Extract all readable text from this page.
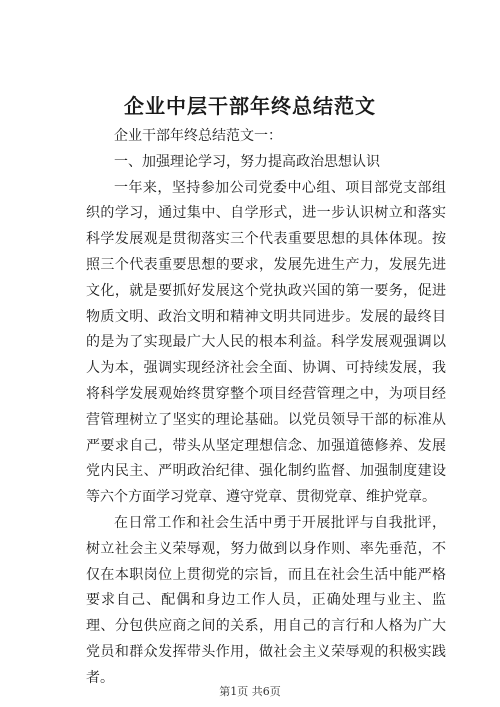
企业中层干部年终总结范文

企业干部年终总结范文一：

一、加强理论学习，努力提高政治思想认识

一年来，坚持参加公司党委中心组、项目部党支部组织的学习，通过集中、自学形式，进一步认识树立和落实科学发展观是贯彻落实三个代表重要思想的具体体现。按照三个代表重要思想的要求，发展先进生产力，发展先进文化，就是要抓好发展这个党执政兴国的第一要务，促进物质文明、政治文明和精神文明共同进步。发展的最终目的是为了实现最广大人民的根本利益。科学发展观强调以人为本，强调实现经济社会全面、协调、可持续发展，我将科学发展观始终贯穿整个项目经营管理之中，为项目经营管理树立了坚实的理论基础。以党员领导干部的标准从严要求自己，带头从坚定理想信念、加强道德修养、发展党内民主、严明政治纪律、强化制约监督、加强制度建设等六个方面学习党章、遵守党章、贯彻党章、维护党章。

在日常工作和社会生活中勇于开展批评与自我批评，树立社会主义荣辱观，努力做到以身作则、率先垂范，不仅在本职岗位上贯彻党的宗旨，而且在社会生活中能严格要求自己、配偶和身边工作人员，正确处理与业主、监理、分包供应商之间的关系，用自己的言行和人格为广大党员和群众发挥带头作用，做社会主义荣辱观的积极实践者。

第1页 共6页
